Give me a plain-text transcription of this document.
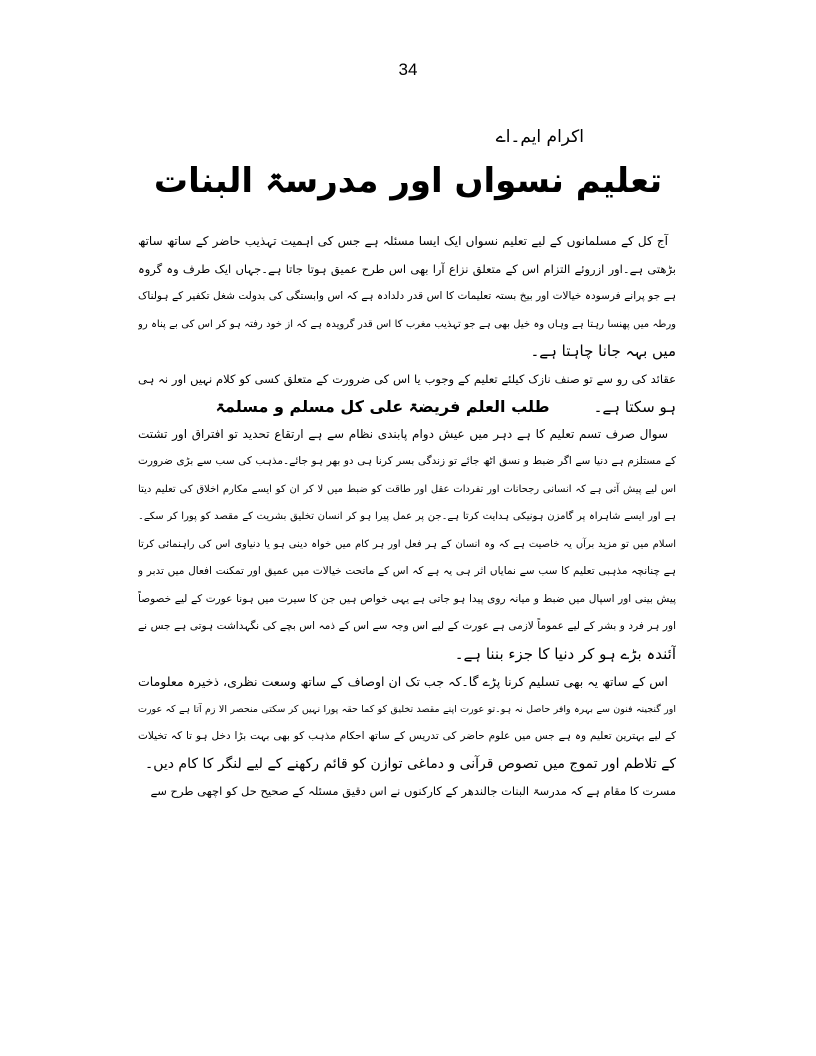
34
اکرام ایم۔اے
تعلیم نسواں اور مدرسۃ البنات
آج کل کے مسلمانوں کے لیے تعلیم نسواں ایک ایسا مسئلہ ہے جس کی اہمیت تہذیب حاضر کے ساتھ ساتھ
بڑھتی ہے۔اور ازروئے التزام اس کے متعلق نزاع آرا بھی اس طرح عمیق ہوتا جاتا ہے۔جہاں ایک طرف وہ گروہ
ہے جو پرانے فرسودہ خیالات اور بیخ بستہ تعلیمات کا اس قدر دلدادہ ہے کہ اس وابستگی کی بدولت شغل تکفیر کے ہولناک
ورطہ میں پھنسا رہتا ہے وہاں وہ خیل بھی ہے جو تہذیب مغرب کا اس قدر گرویدہ ہے کہ از خود رفتہ ہو کر اس کی بے پناہ رو
میں بہہ جانا چاہتا ہے۔
عقائد کی رو سے تو صنف نازک کیلئے تعلیم کے وجوب یا اس کی ضرورت کے متعلق کسی کو کلام نہیں اور نہ ہی
ہو سکتا ہے۔طلب العلم فریضۃ علی کل مسلم و مسلمۃ
سوال صرف تسم تعلیم کا ہے دہر میں عیش دوام پابندی نظام سے ہے ارتقاع تحدید تو افتراق اور تشتت
کے مستلزم ہے دنیا سے اگر ضبط و نسق اٹھ جائے تو زندگی بسر کرنا ہی دو بھر ہو جائے۔مذہب کی سب سے بڑی ضرورت
اس لیے پیش آتی ہے کہ انسانی رجحانات اور تفردات عقل اور طاقت کو ضبط میں لا کر ان کو ایسے مکارم اخلاق کی تعلیم دیتا
ہے اور ایسے شاہراہ پر گامزن ہونیکی ہدایت کرتا ہے۔جن پر عمل پیرا ہو کر انسان تخلیق بشریت کے مقصد کو پورا کر سکے۔
اسلام میں تو مزید برآں یہ خاصیت ہے کہ وہ انسان کے ہر فعل اور ہر کام میں خواہ دینی ہو یا دنیاوی اس کی راہنمائی کرتا
ہے چنانچہ مذہبی تعلیم کا سب سے نمایاں اثر ہی یہ ہے کہ اس کے ماتحت خیالات میں عمیق اور تمکنت افعال میں تدبر و
پیش بینی اور اسپال میں ضبط و میانہ روی پیدا ہو جاتی ہے یہی خواص ہیں جن کا سیرت میں ہونا عورت کے لیے خصوصاً
اور ہر فرد و بشر کے لیے عموماً لازمی ہے عورت کے لیے اس وجہ سے اس کے ذمہ اس بچے کی نگہداشت ہوتی ہے جس نے
آئندہ بڑے ہو کر دنیا کا جزء بننا ہے۔
اس کے ساتھ یہ بھی تسلیم کرنا پڑے گا۔کہ جب تک ان اوصاف کے ساتھ وسعت نظری، ذخیرہ معلومات
اور گنجینہ فنون سے بہرہ وافر حاصل نہ ہو۔تو عورت اپنے مقصد تخلیق کو کما حقہ پورا نہیں کر سکتی منحصر الا زم آتا ہے کہ عورت
کے لیے بہترین تعلیم وہ ہے جس میں علوم حاضر کی تدریس کے ساتھ احکام مذہب کو بھی بہت بڑا دخل ہو تا کہ تخیلات
کے تلاطم اور تموج میں تصوص قرآنی و دماغی توازن کو قائم رکھنے کے لیے لنگر کا کام دیں۔
مسرت کا مقام ہے کہ مدرسۃ البنات جالندھر کے کارکنوں نے اس دقیق مسئلہ کے صحیح حل کو اچھی طرح سے
